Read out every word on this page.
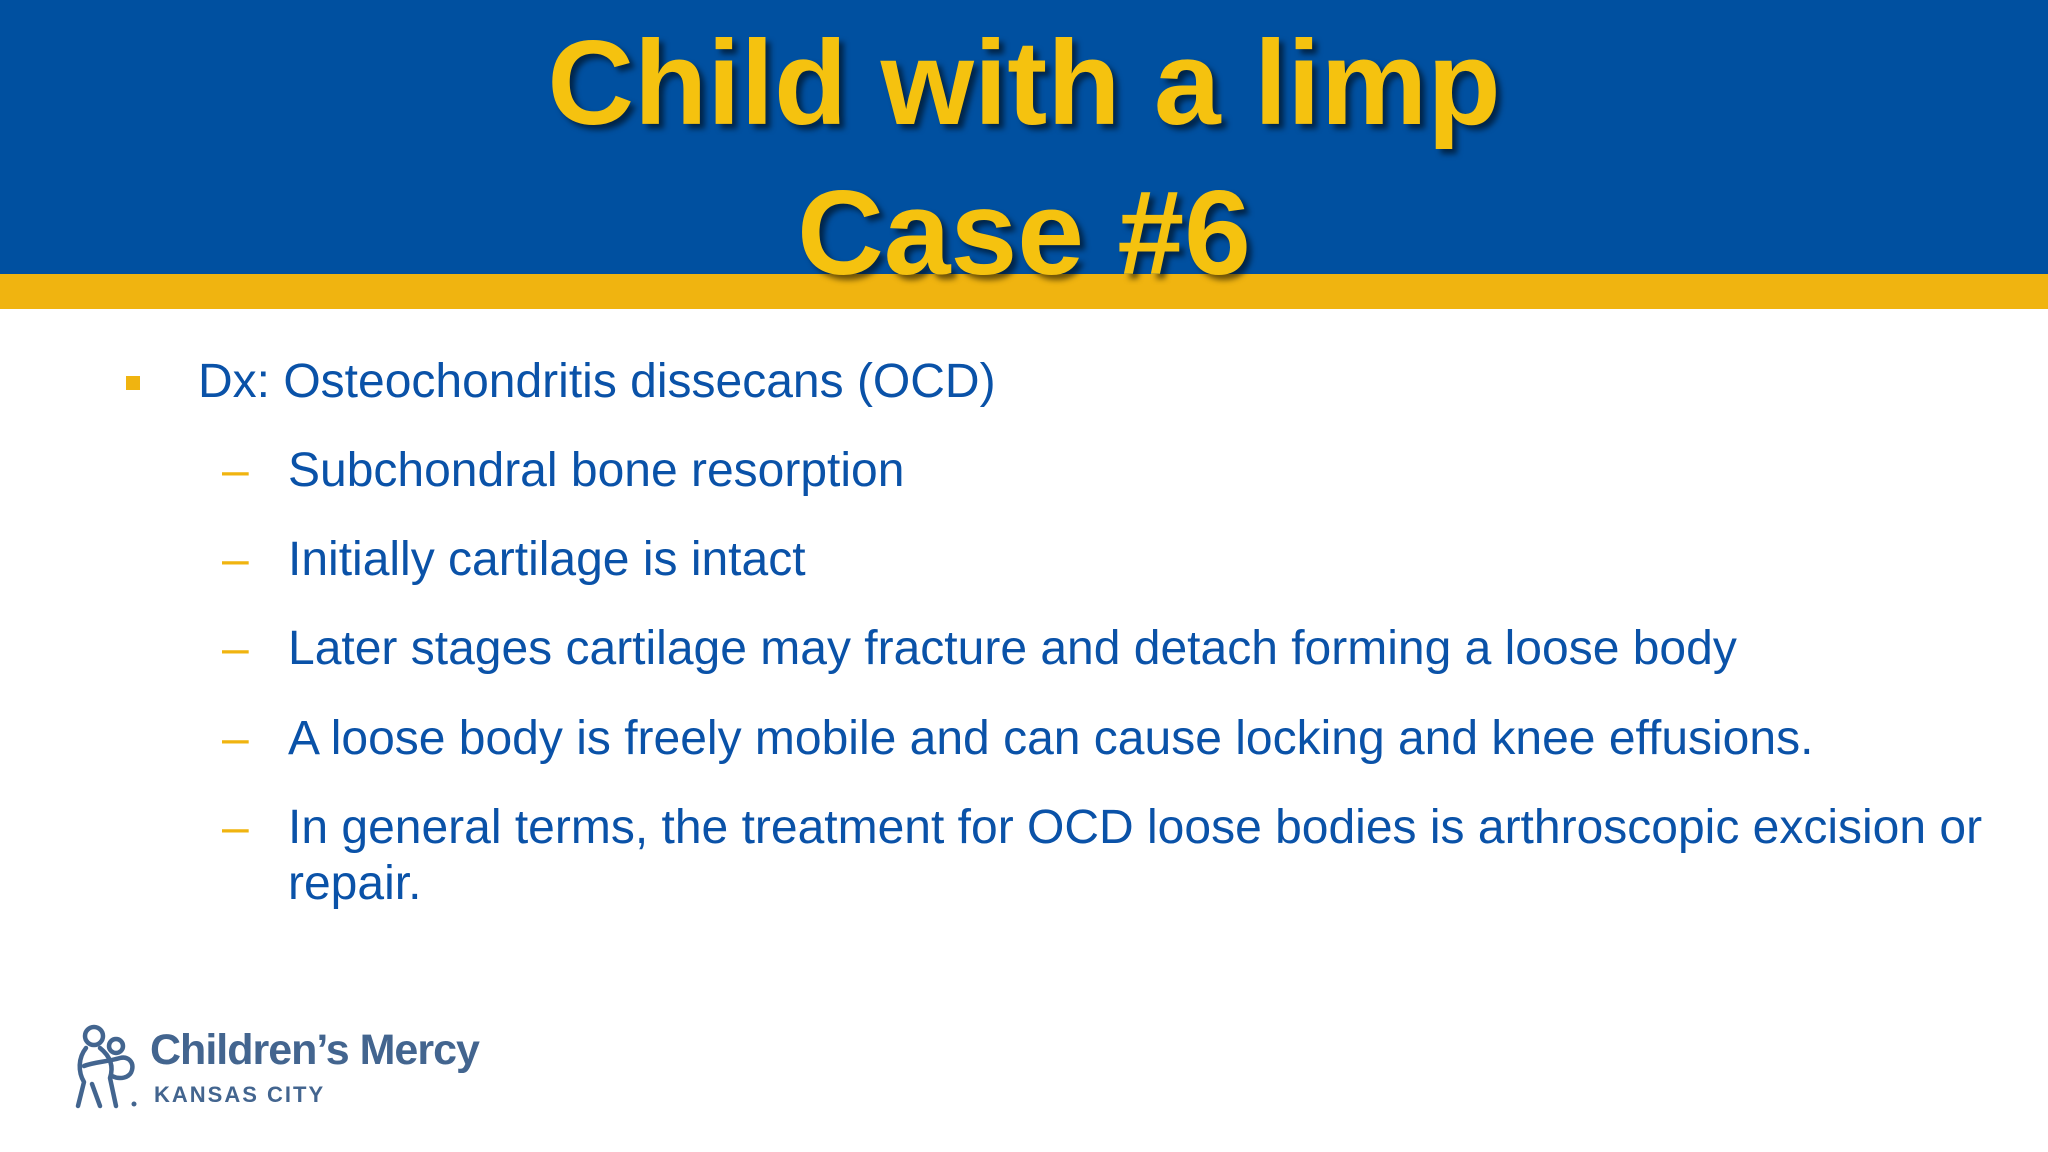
Child with a limp
Case #6
Dx: Osteochondritis dissecans (OCD)
– Subchondral bone resorption
– Initially cartilage is intact
– Later stages cartilage may fracture and detach forming a loose body
– A loose body is freely mobile and can cause locking and knee effusions.
– In general terms, the treatment for OCD loose bodies is arthroscopic excision or repair.
Children’s Mercy
KANSAS CITY
